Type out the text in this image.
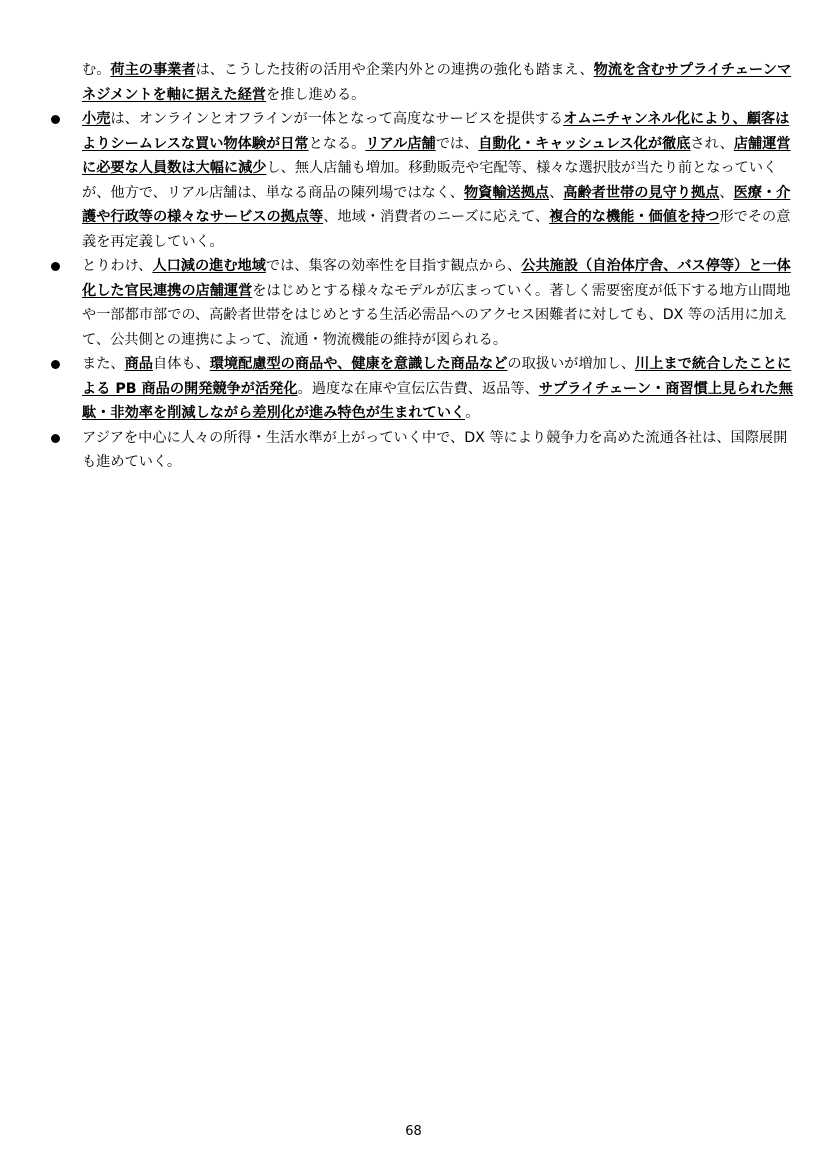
む。荷主の事業者は、こうした技術の活用や企業内外との連携の強化も踏まえ、物流を含むサプライチェーンマネジメントを軸に据えた経営を推し進める。

小売は、オンラインとオフラインが一体となって高度なサービスを提供するオムニチャンネル化により、顧客はよりシームレスな買い物体験が日常となる。リアル店舗では、自動化・キャッシュレス化が徹底され、店舗運営に必要な人員数は大幅に減少し、無人店舗も増加。移動販売や宅配等、様々な選択肢が当たり前となっていくが、他方で、リアル店舗は、単なる商品の陳列場ではなく、物資輸送拠点、高齢者世帯の見守り拠点、医療・介護や行政等の様々なサービスの拠点等、地域・消費者のニーズに応えて、複合的な機能・価値を持つ形でその意義を再定義していく。
とりわけ、人口減の進む地域では、集客の効率性を目指す観点から、公共施設（自治体庁舎、バス停等）と一体化した官民連携の店舗運営をはじめとする様々なモデルが広まっていく。著しく需要密度が低下する地方山間地や一部都市部での、高齢者世帯をはじめとする生活必需品へのアクセス困難者に対しても、DX 等の活用に加えて、公共側との連携によって、流通・物流機能の維持が図られる。
また、商品自体も、環境配慮型の商品や、健康を意識した商品などの取扱いが増加し、川上まで統合したことによる PB 商品の開発競争が活発化。過度な在庫や宣伝広告費、返品等、サプライチェーン・商習慣上見られた無駄・非効率を削減しながら差別化が進み特色が生まれていく。
アジアを中心に人々の所得・生活水準が上がっていく中で、DX 等により競争力を高めた流通各社は、国際展開も進めていく。
68
